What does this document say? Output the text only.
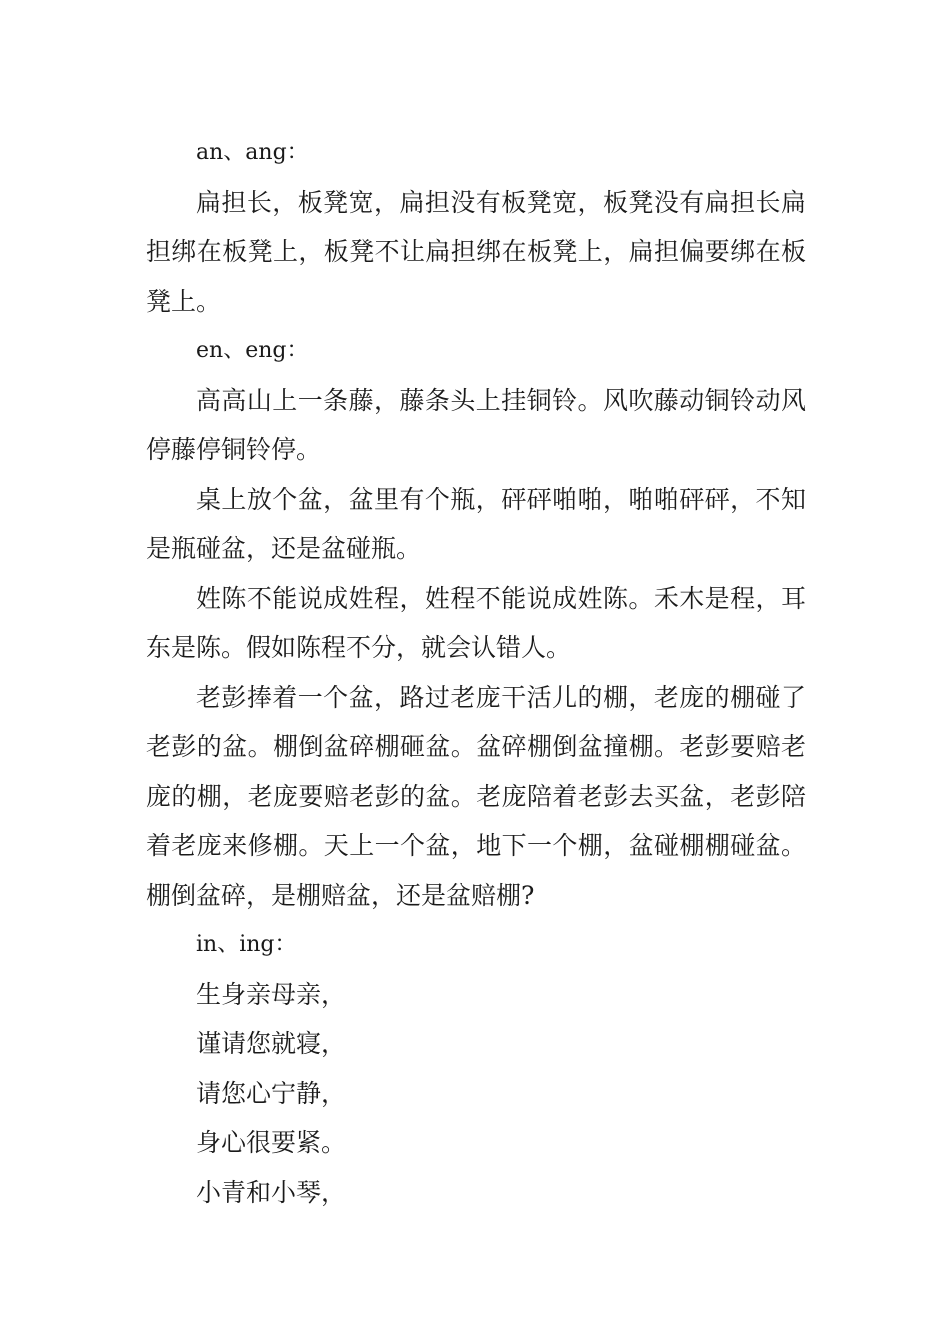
an、ang：

扁担长，板凳宽，扁担没有板凳宽，板凳没有扁担长扁担绑在板凳上，板凳不让扁担绑在板凳上，扁担偏要绑在板凳上。

en、eng：

高高山上一条藤，藤条头上挂铜铃。风吹藤动铜铃动风停藤停铜铃停。

桌上放个盆，盆里有个瓶，砰砰啪啪，啪啪砰砰，不知是瓶碰盆，还是盆碰瓶。

姓陈不能说成姓程，姓程不能说成姓陈。禾木是程，耳东是陈。假如陈程不分，就会认错人。

老彭捧着一个盆，路过老庞干活儿的棚，老庞的棚碰了老彭的盆。棚倒盆碎棚砸盆。盆碎棚倒盆撞棚。老彭要赔老庞的棚，老庞要赔老彭的盆。老庞陪着老彭去买盆，老彭陪着老庞来修棚。天上一个盆，地下一个棚，盆碰棚棚碰盆。棚倒盆碎，是棚赔盆，还是盆赔棚?

in、ing：

生身亲母亲，

谨请您就寝，

请您心宁静，

身心很要紧。

小青和小琴，
